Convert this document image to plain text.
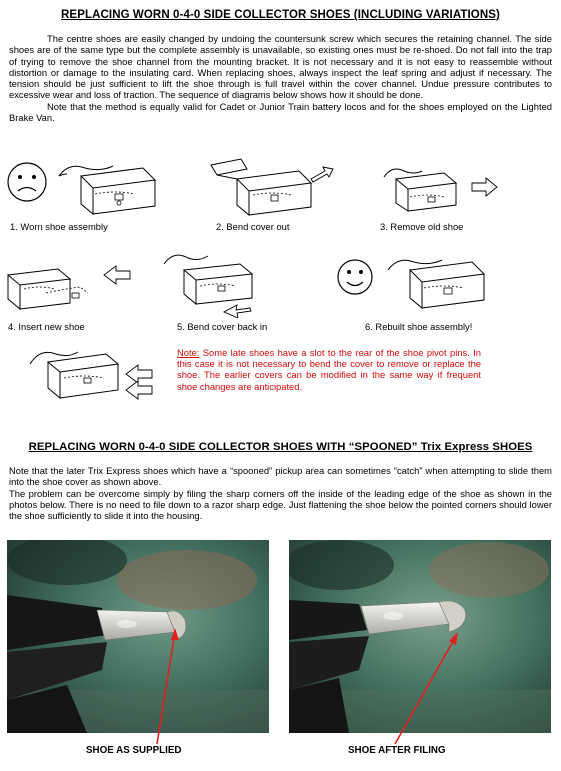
REPLACING WORN 0-4-0 SIDE COLLECTOR SHOES (INCLUDING VARIATIONS)

The centre shoes are easily changed by undoing the countersunk screw which secures the retaining channel. The side shoes are of the same type but the complete assembly is unavailable, so existing ones must be re-shoed. Do not fall into the trap of trying to remove the shoe channel from the mounting bracket. It is not necessary and it is not easy to reassemble without distortion or damage to the insulating card. When replacing shoes, always inspect the leaf spring and adjust if necessary. The tension should be just sufficient to lift the shoe through is full travel within the cover channel. Undue pressure contributes to excessive wear and loss of traction. The sequence of diagrams below shows how it should be done.

Note that the method is equally valid for Cadet or Junior Train battery locos and for the shoes employed on the Lighted Brake Van.

1. Worn shoe assembly	2. Bend cover out	3. Remove old shoe
4. Insert new shoe	5. Bend cover back in	6. Rebuilt shoe assembly!
Note: Some late shoes have a slot to the rear of the shoe pivot pins. In this case it is not necessary to bend the cover to remove or replace the shoe. The earlier covers can be modified in the same way if frequent shoe changes are anticipated.
REPLACING WORN 0-4-0 SIDE COLLECTOR SHOES WITH “SPOONED” Trix Express SHOES

Note that the later Trix Express shoes which have a “spooned” pickup area can sometimes “catch” when attempting to slide them into the shoe cover as shown above.

The problem can be overcome simply by filing the sharp corners off the inside of the leading edge of the shoe as shown in the photos below. There is no need to file down to a razor sharp edge. Just flattening the shoe below the pointed corners should lower the shoe sufficiently to slide it into the housing.

SHOE AS SUPPLIED	SHOE AFTER FILING
